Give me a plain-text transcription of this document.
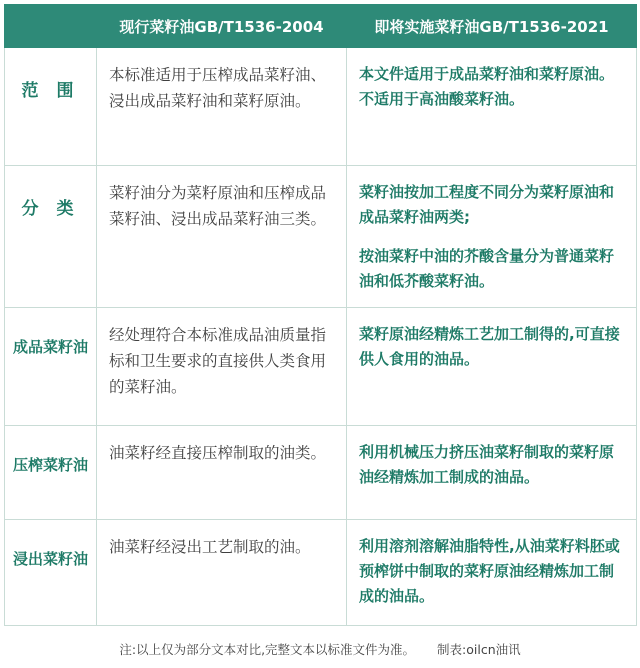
	现行菜籽油GB/T1536-2004	即将实施菜籽油GB/T1536-2021
范 围	本标准适用于压榨成品菜籽油、浸出成品菜籽油和菜籽原油。	本文件适用于成品菜籽油和菜籽原油。不适用于高油酸菜籽油。

分 类	菜籽油分为菜籽原油和压榨成品菜籽油、浸出成品菜籽油三类。	菜籽油按加工程度不同分为菜籽原油和成品菜籽油两类;
按油菜籽中油的芥酸含量分为普通菜籽油和低芥酸菜籽油。

成品菜籽油	经处理符合本标准成品油质量指标和卫生要求的直接供人类食用的菜籽油。	菜籽原油经精炼工艺加工制得的,可直接供人食用的油品。

压榨菜籽油	油菜籽经直接压榨制取的油类。	利用机械压力挤压油菜籽制取的菜籽原油经精炼加工制成的油品。

浸出菜籽油	油菜籽经浸出工艺制取的油。	利用溶剂溶解油脂特性,从油菜籽料胚或预榨饼中制取的菜籽原油经精炼加工制成的油品。
注:以上仅为部分文本对比,完整文本以标准文件为准。 制表:oilcn油讯
